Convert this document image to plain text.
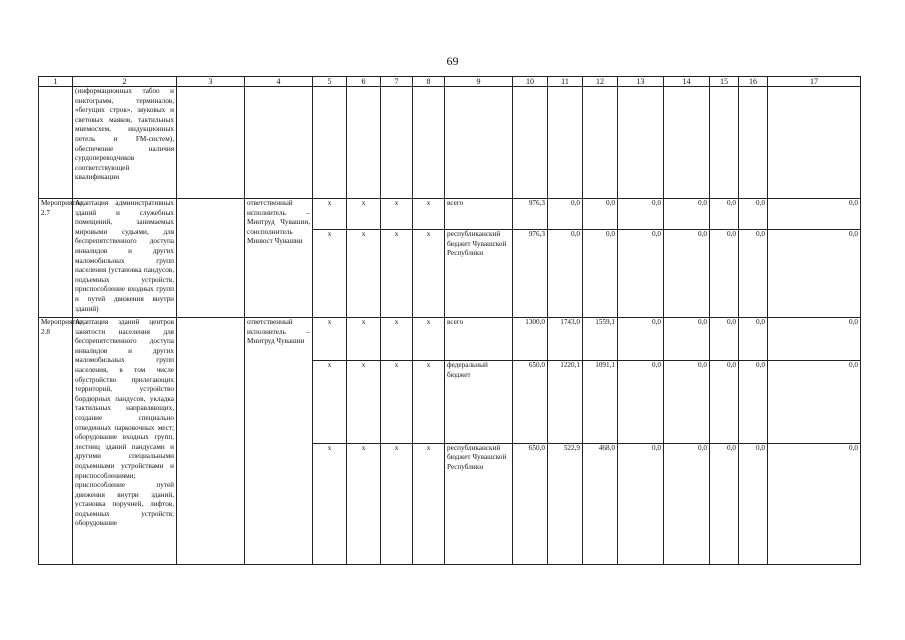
69
1	2	3	4	5	6	7	8	9	10	11	12	13	14	15	16	17
	(информационных табло и пиктограмм, терминалов, «бегущих строк», звуковых и световых маяков, тактильных мнемосхем, индукционных петель и FM-систем), обеспечение наличия сурдопереводчиков соответствующей квалификации															
Мероприятие 2.7	Адаптация административных зданий и служебных помещений, занимаемых мировыми судьями, для беспрепятственного доступа инвалидов и других маломобильных групп населения (установка пандусов, подъемных устройств, приспособление входных групп и путей движения внутри зданий)		ответственный исполнитель – Минтруд Чувашии, соисполнитель Минюст Чувашии	x	x	x	x	всего	976,3	0,0	0,0	0,0	0,0	0,0	0,0	0,0
				x	x	x	x	республиканский бюджет Чувашской Республики	976,3	0,0	0,0	0,0	0,0	0,0	0,0	0,0
Мероприятие 2.8	Адаптация зданий центров занятости населения для беспрепятственного доступа инвалидов и других маломобильных групп населения, в том числе обустройство прилегающих территорий, устройство бордюрных пандусов, укладка тактильных направляющих, создание специально отведенных парковочных мест; оборудование входных групп, лестниц зданий пандусами и другими специальными подъемными устройствами и приспособлениями; приспособление путей движения внутри зданий, установка поручней, лифтов, подъемных устройств; оборудование		ответственный исполнитель – Минтруд Чувашии	x	x	x	x	всего	1300,0	1743,0	1559,1	0,0	0,0	0,0	0,0	0,0
				x	x	x	x	федеральный бюджет	650,0	1220,1	1091,1	0,0	0,0	0,0	0,0	0,0
				x	x	x	x	республиканский бюджет Чувашской Республики	650,0	522,9	468,0	0,0	0,0	0,0	0,0	0,0
